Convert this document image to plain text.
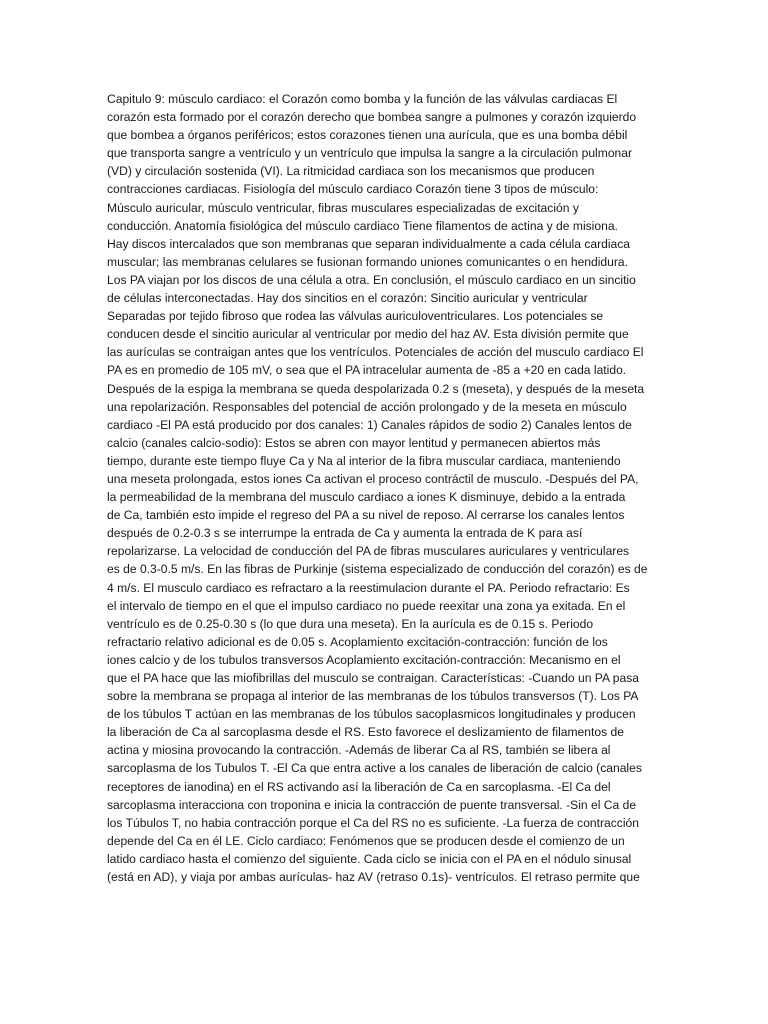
Capitulo 9: músculo cardiaco: el Corazón como bomba y la función de las válvulas cardiacas El
corazón esta formado por el corazón derecho que bombea sangre a pulmones y corazón izquierdo
que bombea a órganos periféricos; estos corazones tienen una aurícula, que es una bomba débil
que transporta sangre a ventrículo y un ventrículo que impulsa la sangre a la circulación pulmonar
(VD) y circulación sostenida (VI). La ritmicidad cardiaca son los mecanismos que producen
contracciones cardiacas. Fisiología del músculo cardiaco Corazón tiene 3 tipos de músculo:
Músculo auricular, músculo ventricular, fibras musculares especializadas de excitación y
conducción. Anatomía fisiológica del músculo cardiaco Tiene filamentos de actina y de misiona.
Hay discos intercalados que son membranas que separan individualmente a cada célula cardiaca
muscular; las membranas celulares se fusionan formando uniones comunicantes o en hendidura.
Los PA viajan por los discos de una célula a otra. En conclusión, el músculo cardiaco en un sincitio
de células interconectadas. Hay dos sincitios en el corazón: Sincitio auricular y ventricular
Separadas por tejido fibroso que rodea las válvulas auriculoventriculares. Los potenciales se
conducen desde el sincitio auricular al ventricular por medio del haz AV. Esta división permite que
las aurículas se contraigan antes que los ventrículos. Potenciales de acción del musculo cardiaco El
PA es en promedio de 105 mV, o sea que el PA intracelular aumenta de -85 a +20 en cada latido.
Después de la espiga la membrana se queda despolarizada 0.2 s (meseta), y después de la meseta
una repolarización. Responsables del potencial de acción prolongado y de la meseta en músculo
cardiaco -El PA está producido por dos canales: 1) Canales rápidos de sodio 2) Canales lentos de
calcio (canales calcio-sodio): Estos se abren con mayor lentitud y permanecen abiertos más
tiempo, durante este tiempo fluye Ca y Na al interior de la fibra muscular cardiaca, manteniendo
una meseta prolongada, estos iones Ca activan el proceso contráctil de musculo. -Después del PA,
la permeabilidad de la membrana del musculo cardiaco a iones K disminuye, debido a la entrada
de Ca, también esto impide el regreso del PA a su nivel de reposo. Al cerrarse los canales lentos
después de 0.2-0.3 s se interrumpe la entrada de Ca y aumenta la entrada de K para así
repolarizarse. La velocidad de conducción del PA de fibras musculares auriculares y ventriculares
es de 0.3-0.5 m/s. En las fibras de Purkinje (sistema especializado de conducción del corazón) es de
4 m/s. El musculo cardiaco es refractaro a la reestimulacion durante el PA. Periodo refractario: Es
el intervalo de tiempo en el que el impulso cardiaco no puede reexitar una zona ya exitada. En el
ventrículo es de 0.25-0.30 s (lo que dura una meseta). En la aurícula es de 0.15 s. Periodo
refractario relativo adicional es de 0.05 s. Acoplamiento excitación-contracción: función de los
iones calcio y de los tubulos transversos Acoplamiento excitación-contracción: Mecanismo en el
que el PA hace que las miofibrillas del musculo se contraigan. Características: -Cuando un PA pasa
sobre la membrana se propaga al interior de las membranas de los túbulos transversos (T). Los PA
de los túbulos T actúan en las membranas de los túbulos sacoplasmicos longitudinales y producen
la liberación de Ca al sarcoplasma desde el RS. Esto favorece el deslizamiento de filamentos de
actina y miosina provocando la contracción. -Además de liberar Ca al RS, también se libera al
sarcoplasma de los Tubulos T. -El Ca que entra active a los canales de liberación de calcio (canales
receptores de ianodina) en el RS activando así la liberación de Ca en sarcoplasma. -El Ca del
sarcoplasma interacciona con troponina e inicia la contracción de puente transversal. -Sin el Ca de
los Túbulos T, no habia contracción porque el Ca del RS no es suficiente. -La fuerza de contracción
depende del Ca en él LE. Ciclo cardiaco: Fenómenos que se producen desde el comienzo de un
latido cardiaco hasta el comienzo del siguiente. Cada ciclo se inicia con el PA en el nódulo sinusal
(está en AD), y viaja por ambas aurículas- haz AV (retraso 0.1s)- ventrículos. El retraso permite que
